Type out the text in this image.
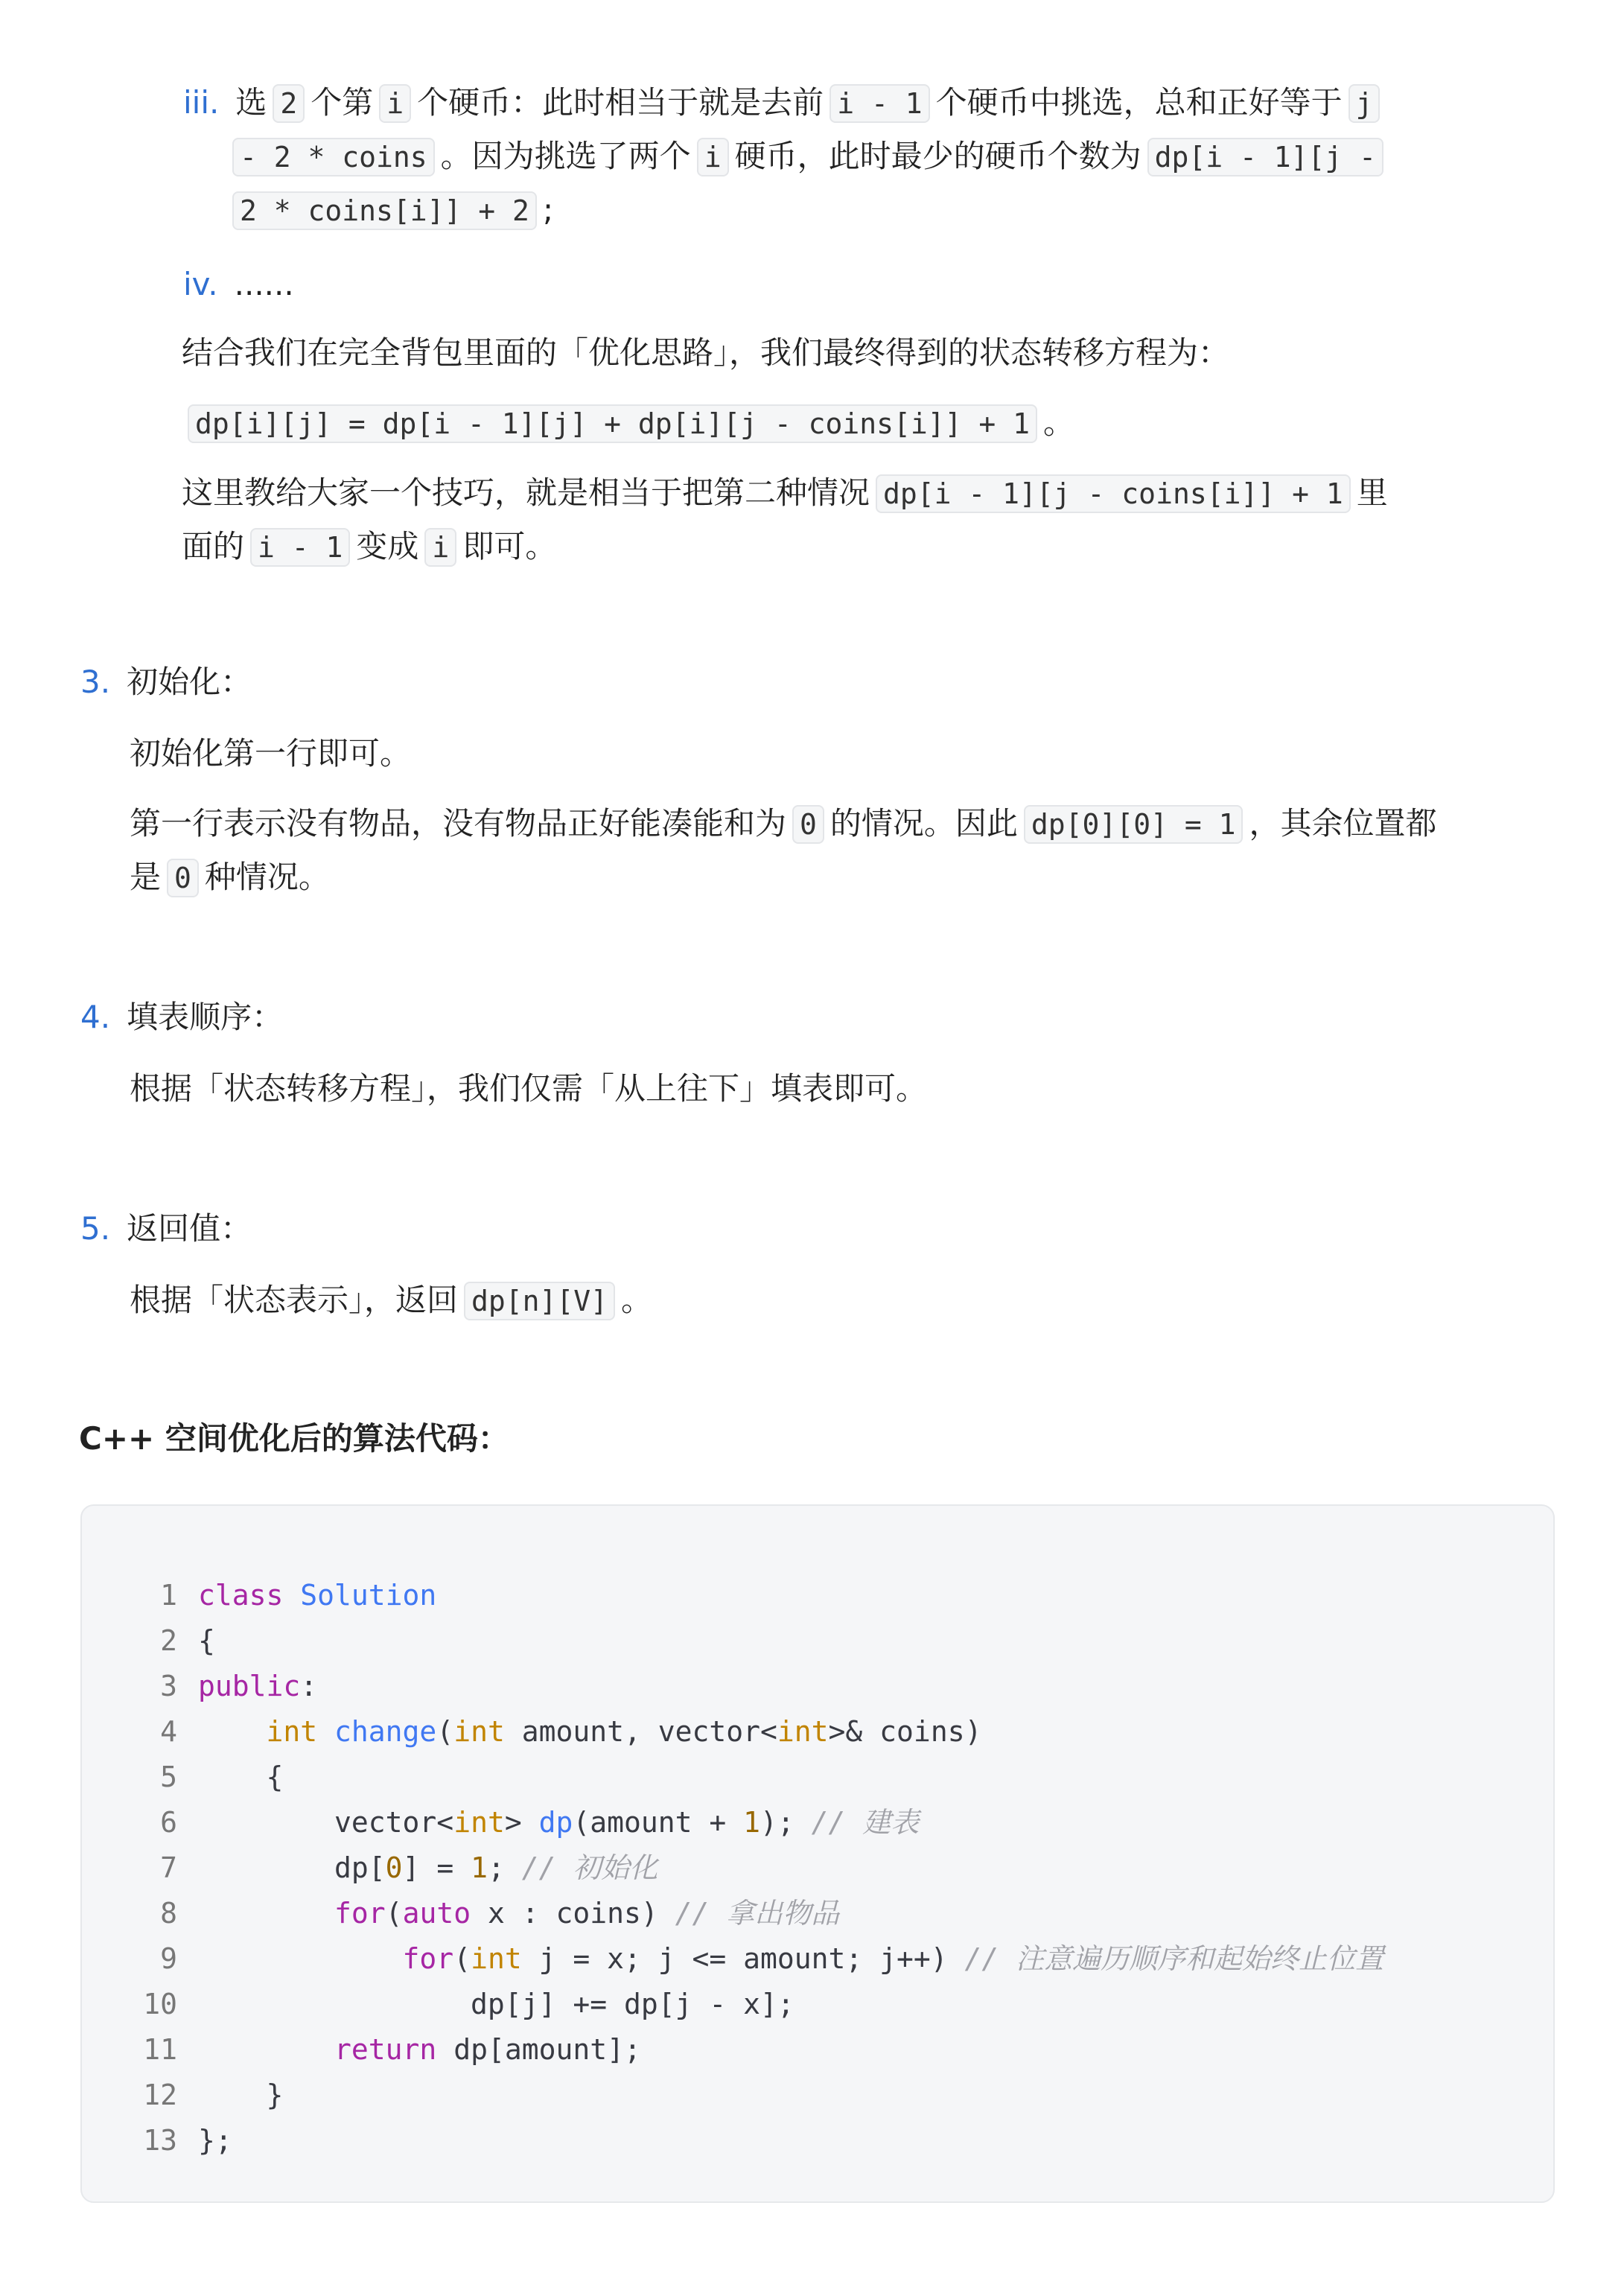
iii. 选 2 个第 i 个硬币：此时相当于就是去前 i - 1 个硬币中挑选，总和正好等于 j
- 2 * coins 。因为挑选了两个 i 硬币，此时最少的硬币个数为 dp[i - 1][j -
2 * coins[i]] + 2 ;
iv. ......
结合我们在完全背包里面的「优化思路」，我们最终得到的状态转移方程为：
dp[i][j] = dp[i - 1][j] + dp[i][j - coins[i]] + 1 。
这里教给大家一个技巧，就是相当于把第二种情况 dp[i - 1][j - coins[i]] + 1 里
面的 i - 1 变成 i 即可。
3. 初始化：
初始化第一行即可。
第一行表示没有物品，没有物品正好能凑能和为 0 的情况。因此 dp[0][0] = 1 ，其余位置都
是 0 种情况。
4. 填表顺序：
根据「状态转移方程」，我们仅需「从上往下」填表即可。
5. 返回值：
根据「状态表示」，返回 dp[n][V] 。
C++ 空间优化后的算法代码：
1 class Solution
2 {
3 public:
4	int change(int amount, vector<int>& coins)
5	{
6	vector<int> dp(amount + 1); // 建表
7	dp[0] = 1; // 初始化
8	for(auto x : coins) // 拿出物品
9	for(int j = x; j <= amount; j++) // 注意遍历顺序和起始终止位置
10	dp[j] += dp[j - x];
11	return dp[amount];
12	}
13 };
